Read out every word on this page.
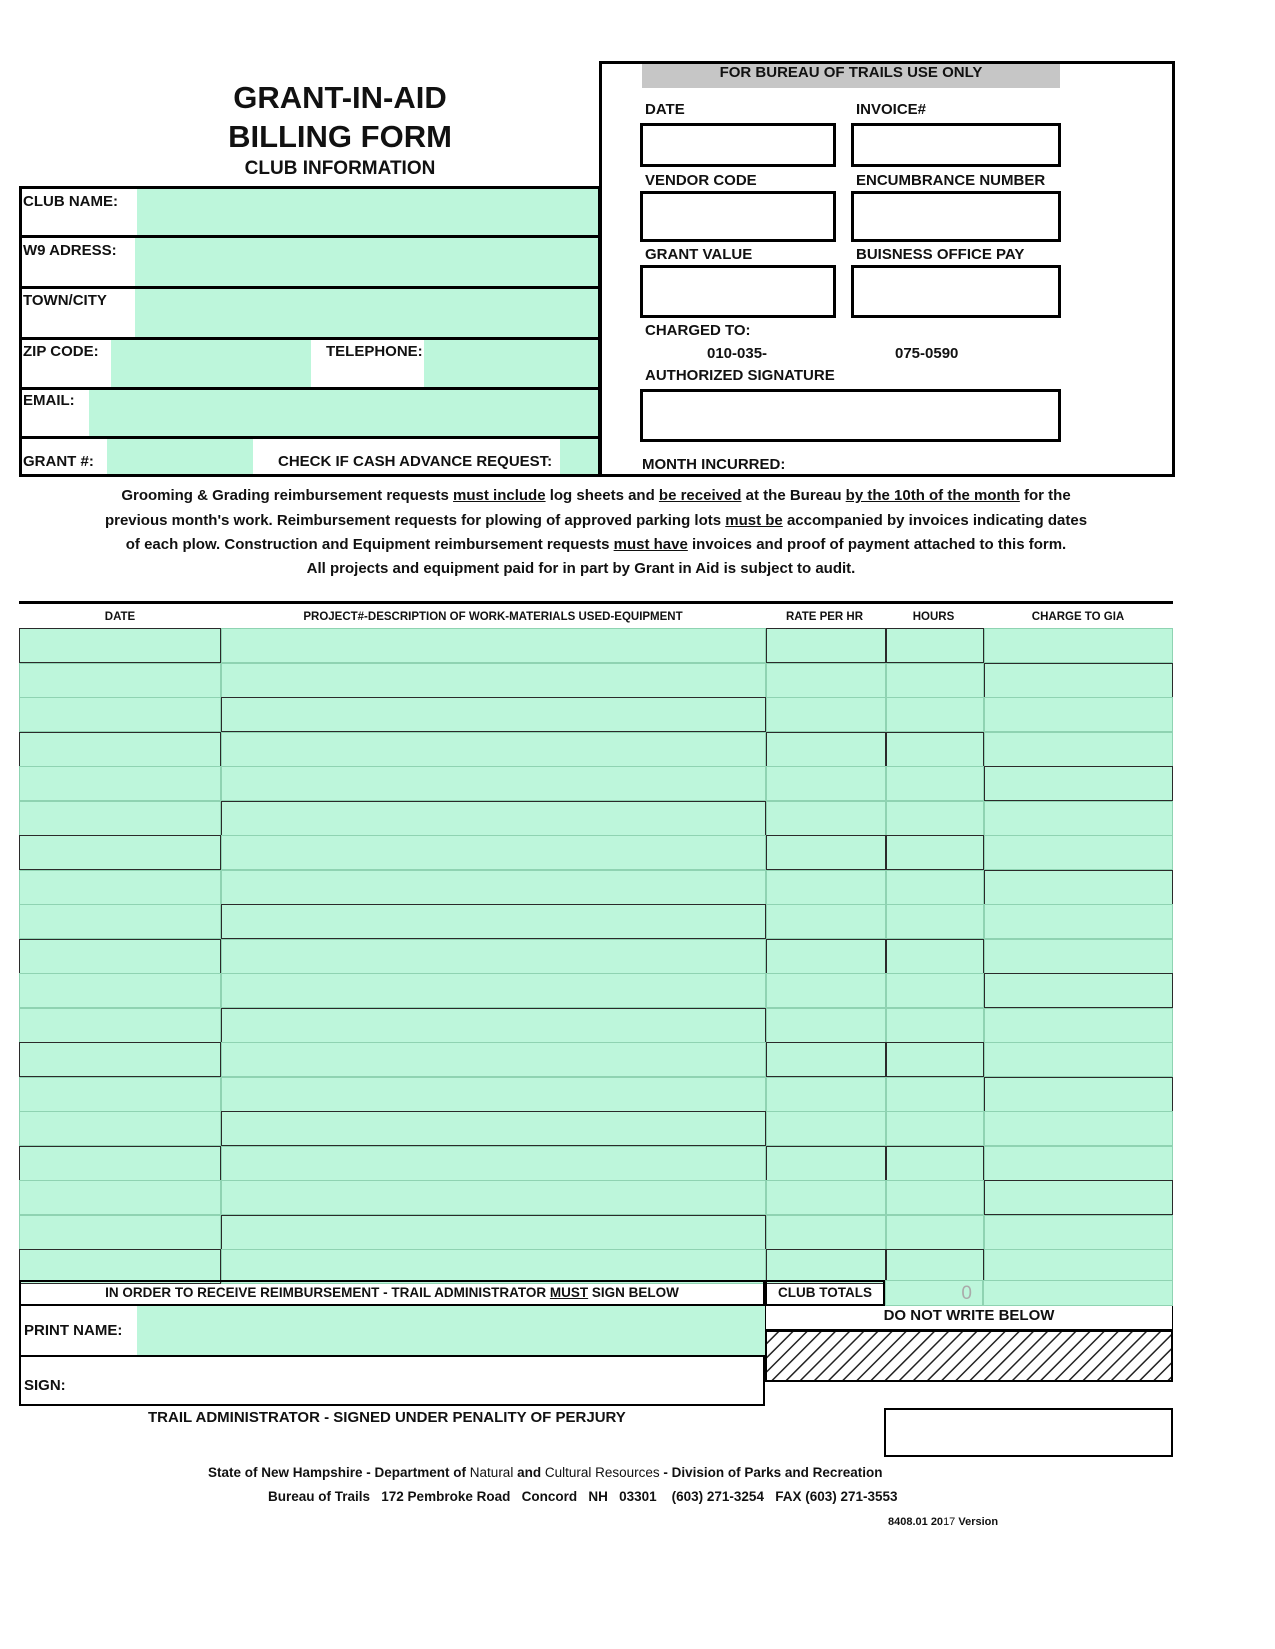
GRANT-IN-AID
BILLING FORM
CLUB INFORMATION
CLUB NAME:
W9 ADRESS:
TOWN/CITY
ZIP CODE:	TELEPHONE:
EMAIL:
GRANT #:	CHECK IF CASH ADVANCE REQUEST:
FOR BUREAU OF TRAILS USE ONLY
DATE	INVOICE#
VENDOR CODE	ENCUMBRANCE NUMBER
GRANT VALUE	BUISNESS OFFICE PAY
CHARGED TO:
010-035-	075-0590
AUTHORIZED SIGNATURE
MONTH INCURRED:
Grooming & Grading reimbursement requests must include log sheets and be received at the Bureau by the 10th of the month for the
previous month's work. Reimbursement requests for plowing of approved parking lots must be accompanied by invoices indicating dates
of each plow. Construction and Equipment reimbursement requests must have invoices and proof of payment attached to this form.
All projects and equipment paid for in part by Grant in Aid is subject to audit.
DATE	PROJECT#-DESCRIPTION OF WORK-MATERIALS USED-EQUIPMENT	RATE PER HR	HOURS	CHARGE TO GIA
IN ORDER TO RECEIVE REIMBURSEMENT - TRAIL ADMINISTRATOR MUST SIGN BELOW	CLUB TOTALS	0
DO NOT WRITE BELOW
PRINT NAME:
SIGN:
TRAIL ADMINISTRATOR - SIGNED UNDER PENALITY OF PERJURY
State of New Hampshire - Department of Natural and Cultural Resources - Division of Parks and Recreation
Bureau of Trails   172 Pembroke Road   Concord   NH   03301    (603) 271-3254   FAX (603) 271-3553
8408.01 2017 Version
